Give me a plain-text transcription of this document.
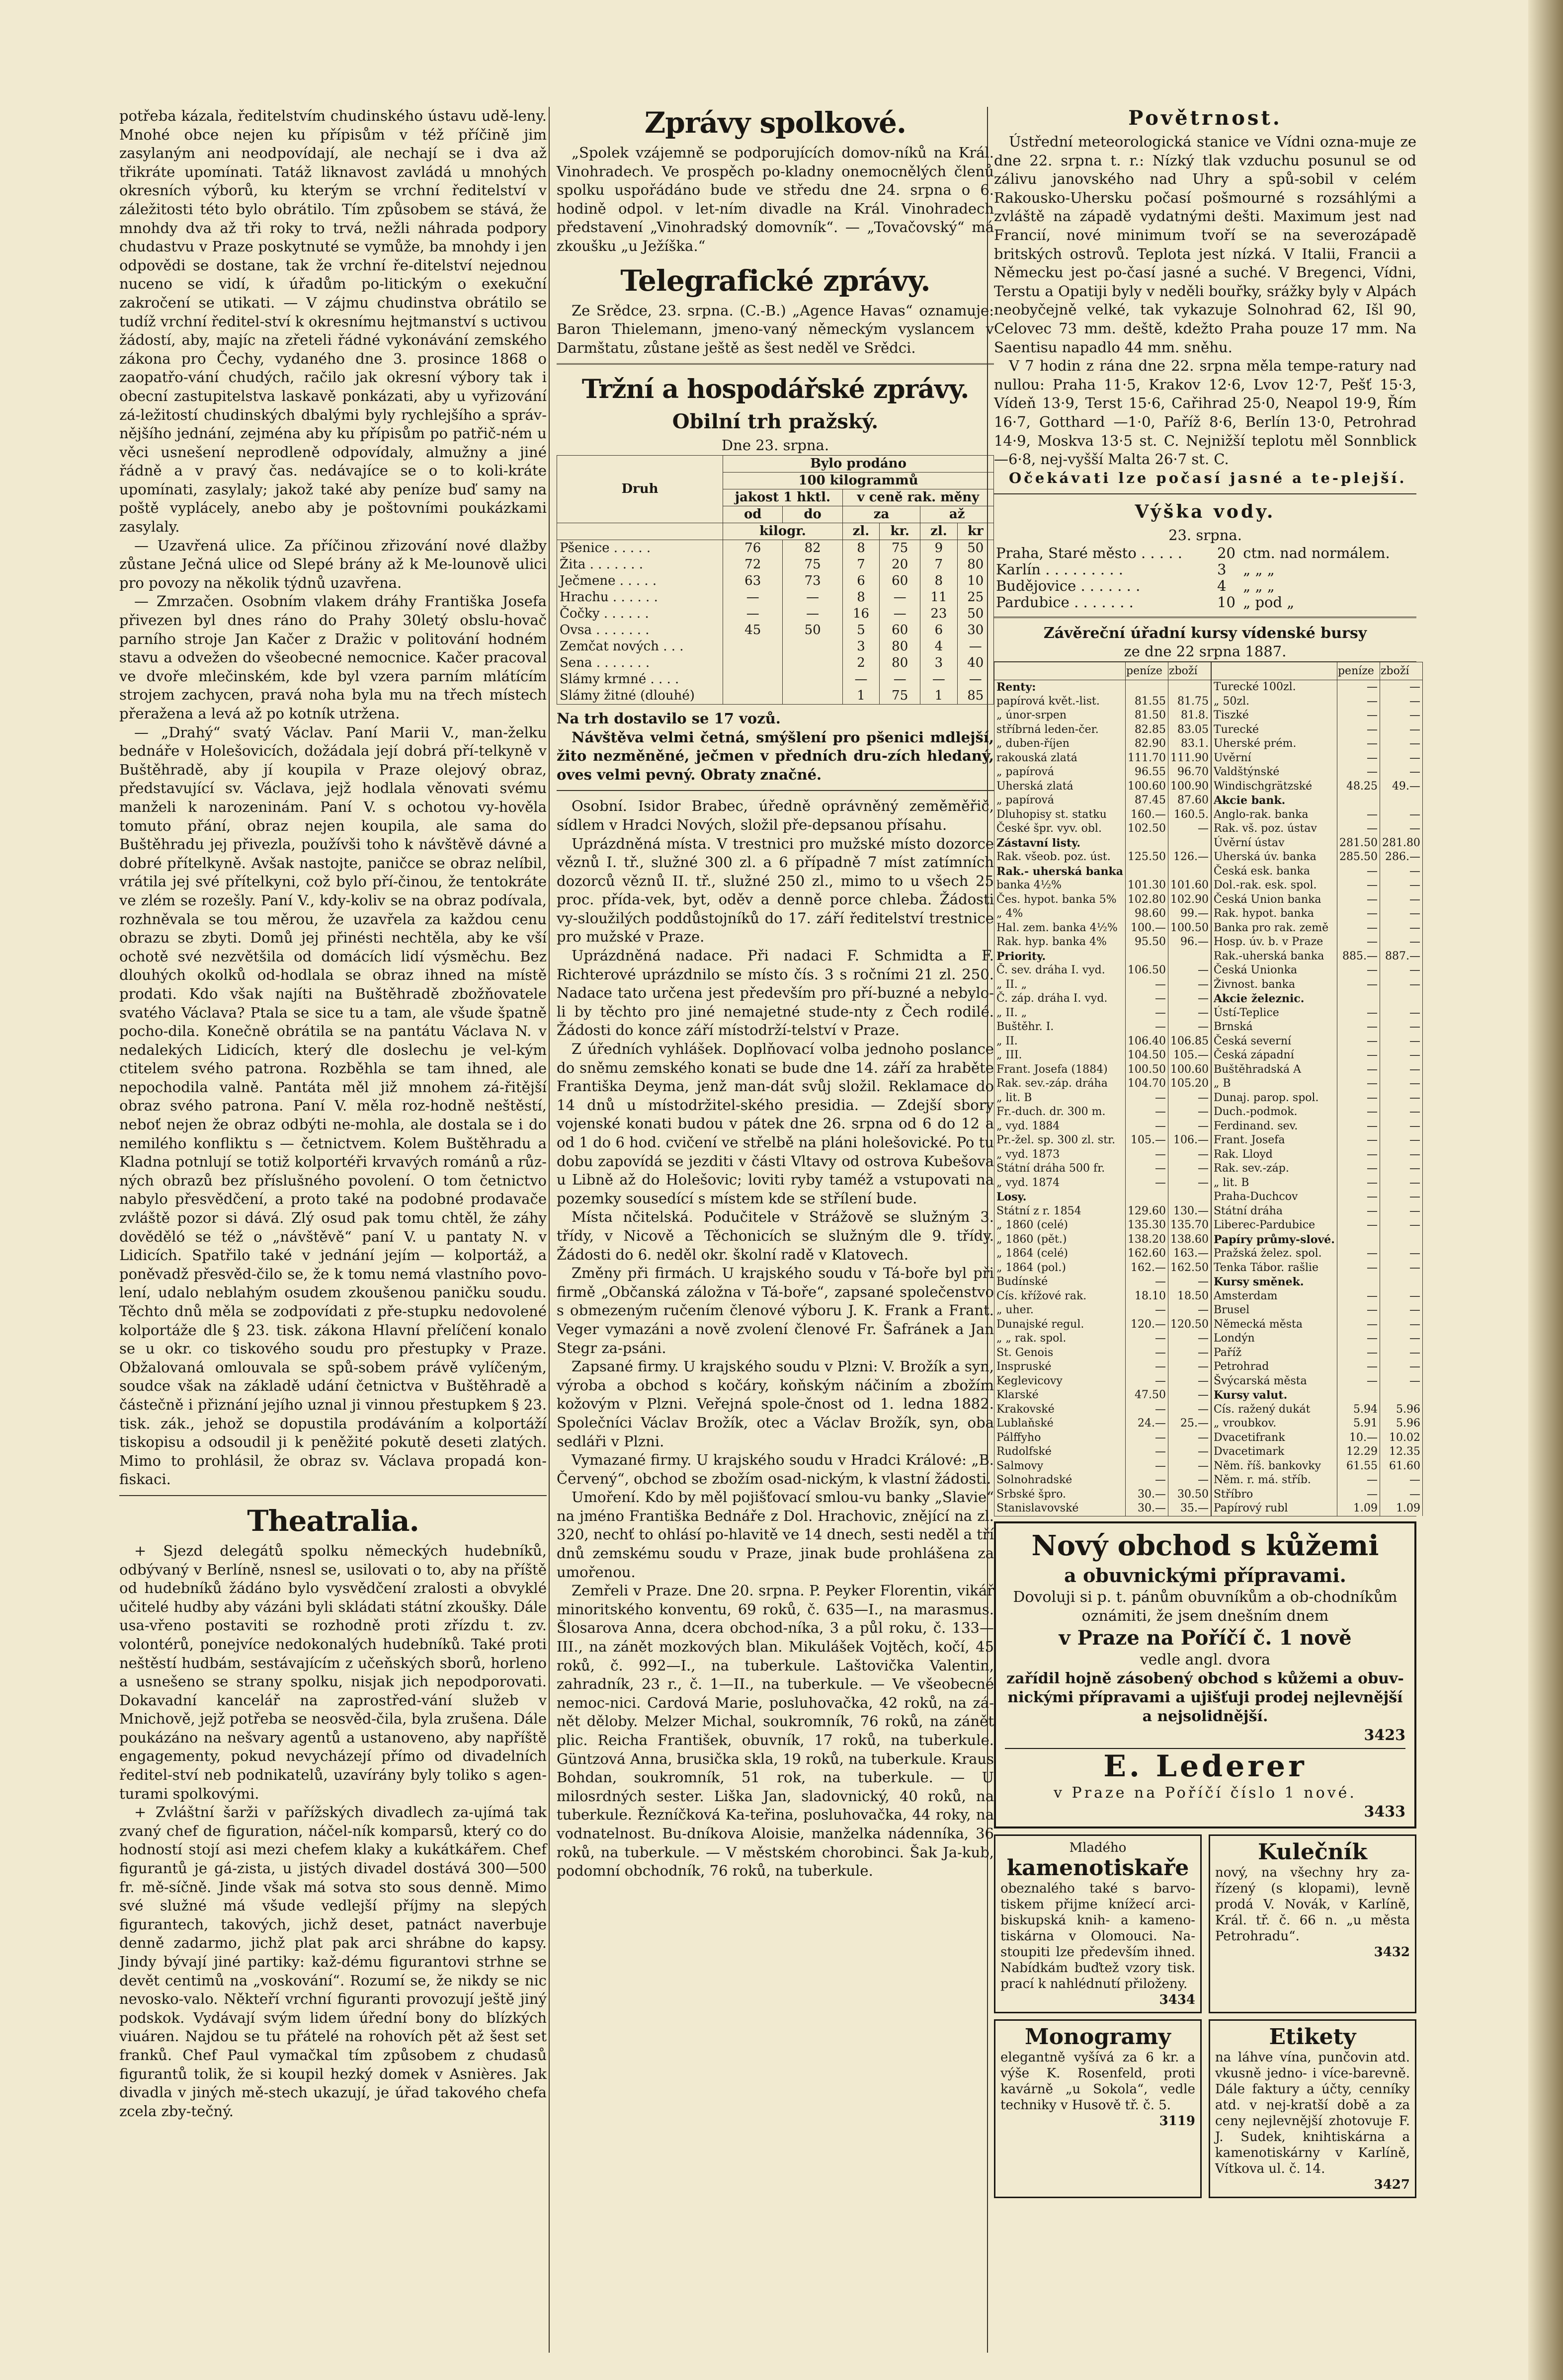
potřeba kázala, ředitelstvím chudinského ústavu udě-leny. Mnohé obce nejen ku přípisům v též příčině jim zasylaným ani neodpovídají, ale nechají se i dva až třikráte upomínati. Tatáž liknavost zavládá u mnohých okresních výborů, ku kterým se vrchní ředitelství v záležitosti této bylo obrátilo. Tím způsobem se stává, že mnohdy dva až tři roky to trvá, nežli náhrada podpory chudastvu v Praze poskytnuté se vymůže, ba mnohdy i jen odpovědi se dostane, tak že vrchní ře-ditelství nejednou nuceno se vidí, k úřadům po-litickým o exekuční zakročení se utikati. — V zájmu chudinstva obrátilo se tudíž vrchní ředitel-ství k okresnímu hejtmanství s uctivou žádostí, aby, majíc na zřeteli řádné vykonávání zemského zákona pro Čechy, vydaného dne 3. prosince 1868 o zaopatřo-vání chudých, račilo jak okresní výbory tak i obecní zastupitelstva laskavě ponkázati, aby u vyřizování zá-ležitostí chudinských dbalými byly rychlejšího a správ-nějšího jednání, zejména aby ku přípisům po patřič-ném u věci usnešení neprodleně odpovídaly, almužny a jiné řádně a v pravý čas. nedávajíce se o to koli-kráte upomínati, zasylaly; jakož také aby peníze buď samy na poště vyplácely, anebo aby je poštovními poukázkami zasylaly.

— Uzavřená ulice. Za příčinou zřizování nové dlažby zůstane Ječná ulice od Slepé brány až k Me-lounově ulici pro povozy na několik týdnů uzavřena.

— Zmrzačen. Osobním vlakem dráhy Františka Josefa přivezen byl dnes ráno do Prahy 30letý obslu-hovač parního stroje Jan Kačer z Dražic v politování hodném stavu a odvežen do všeobecné nemocnice. Kačer pracoval ve dvoře mlečinském, kde byl vzera parním mlátícím strojem zachycen, pravá noha byla mu na třech místech přeražena a levá až po kotník utržena.

— „Drahý“ svatý Václav. Paní Marii V., man-želku bednáře v Holešovicích, dožádala její dobrá pří-telkyně v Buštěhradě, aby jí koupila v Praze olejový obraz, představující sv. Václava, jejž hodlala věnovati svému manželi k narozeninám. Paní V. s ochotou vy-hověla tomuto přání, obraz nejen koupila, ale sama do Buštěhradu jej přivezla, používši toho k návštěvě dávné a dobré přítelkyně. Avšak nastojte, paničce se obraz nelíbil, vrátila jej své přítelkyni, což bylo pří-činou, že tentokráte ve zlém se rozešly. Paní V., kdy-koliv se na obraz podívala, rozhněvala se tou měrou, že uzavřela za každou cenu obrazu se zbyti. Domů jej přinésti nechtěla, aby ke vší ochotě své nezvětšila od domácích lidí výsměchu. Bez dlouhých okolků od-hodlala se obraz ihned na místě prodati. Kdo však najíti na Buštěhradě zbožňovatele svatého Václava? Ptala se sice tu a tam, ale všude špatně pocho-dila. Konečně obrátila se na pantátu Václava N. v nedalekých Lidicích, který dle doslechu je vel-kým ctitelem svého patrona. Rozběhla se tam ihned, ale nepochodila valně. Pantáta měl již mnohem zá-řitější obraz svého patrona. Paní V. měla roz-hodně neštěstí, neboť nejen že obraz odbýti ne-mohla, ale dostala se i do nemilého konfliktu s — četnictvem. Kolem Buštěhradu a Kladna potnlují se totiž kolportéři krvavých románů a růz-ných obrazů bez příslušného povolení. O tom četnictvo nabylo přesvědčení, a proto také na podobné prodavače zvláště pozor si dává. Zlý osud pak tomu chtěl, že záhy dověděló se též o „návštěvě“ paní V. u pantaty N. v Lidicích. Spatřilo také v jednání jejím — kolportáž, a poněvadž přesvěd-čilo se, že k tomu nemá vlastního povo-lení, udalo neblahým osudem zkoušenou paničku soudu. Těchto dnů měla se zodpovídati z pře-stupku nedovolené kolportáže dle § 23. tisk. zákona Hlavní přelíčení konalo se u okr. co tiskového soudu pro přestupky v Praze. Obžalovaná omlouvala se spů-sobem právě vylíčeným, soudce však na základě udání četnictva v Buštěhradě a částečně i přiznání jejího uznal ji vinnou přestupkem § 23. tisk. zák., jehož se dopustila prodáváním a kolportáží tiskopisu a odsoudil ji k peněžité pokutě deseti zlatých. Mimo to prohlásil, že obraz sv. Václava propadá kon-fiskaci.

Theatralia.

+ Sjezd delegátů spolku německých hudebníků, odbývaný v Berlíně, nsnesl se, usilovati o to, aby na příště od hudebníků žádáno bylo vysvědčení zralosti a obvyklé učitelé hudby aby vázáni byli skládati státní zkoušky. Dále usa-vřeno postaviti se rozhodně proti zřízdu t. zv. volontérů, ponejvíce nedokonalých hudebníků. Také proti neštěstí hudbám, sestávajícím z učeňských sborů, horleno a usnešeno se strany spolku, nisjak jich nepodporovati. Dokavadní kancelář na zaprostřed-vání služeb v Mnichově, jejž potřeba se neosvěd-čila, byla zrušena. Dále poukázáno na nešvary agentů a ustanoveno, aby napříště engagementy, pokud nevycházejí přímo od divadelních ředitel-ství neb podnikatelů, uzavírány byly toliko s agen-turami spolkovými.

+ Zvláštní šarži v pařížských divadlech za-ujímá tak zvaný chef de figuration, náčel-ník komparsů, který co do hodností stojí asi mezi chefem klaky a kukátkářem. Chef figurantů je gá-zista, u jistých divadel dostává 300—500 fr. mě-síčně. Jinde však má sotva sto sous denně. Mimo své služné má všude vedlejší příjmy na slepých figurantech, takových, jichž deset, patnáct naverbuje denně zadarmo, jichž plat pak arci shrábne do kapsy. Jindy bývají jiné partiky: kaž-dému figurantovi strhne se devět centimů na „voskování“. Rozumí se, že nikdy se nic nevosko-valo. Někteří vrchní figuranti provozují ještě jiný podskok. Vydávají svým lidem úřední bony do blízkých viuáren. Najdou se tu přátelé na rohovích pět až šest set franků. Chef Paul vymačkal tím způsobem z chudasů figurantů tolik, že si koupil hezký domek v Asnières. Jak divadla v jiných mě-stech ukazují, je úřad takového chefa zcela zby-tečný.

Zprávy spolkové.

„Spolek vzájemně se podporujících domov-níků na Král. Vinohradech. Ve prospěch po-kladny onemocnělých členů spolku uspořádáno bude ve středu dne 24. srpna o 6. hodině odpol. v let-ním divadle na Král. Vinohradech představení „Vinohradský domovník“. — „Tovačovský“ má zkoušku „u Ježíška.“

Telegrafické zprávy.

Ze Srědce, 23. srpna. (C.-B.) „Agence Havas“ oznamuje: Baron Thielemann, jmeno-vaný německým vyslancem v Darmštatu, zůstane ještě as šest neděl ve Srědci.

Tržní a hospodářské zprávy.
Obilní trh pražský.

Dne 23. srpna.

Druh	Bylo prodáno					
	100 kilogrammů					
	jakost 1 hktl.		v ceně rak. měny			
	od	do	za		až	
	kilogr.		zl.	kr.	zl.	kr
Pšenice . . . . .	76	82	8	75	9	50
Žita . . . . . . .	72	75	7	20	7	80
Ječmene . . . . .	63	73	6	60	8	10
Hrachu . . . . . .	—	—	8	—	11	25
Čočky . . . . . .	—	—	16	—	23	50
Ovsa . . . . . . .	45	50	5	60	6	30

Zemčat nových . . .			3	80	4	—
Sena . . . . . . .			2	80	3	40
Slámy krmné . . . .			—	—	—	—
Slámy žitné (dlouhé)			1	75	1	85

Na trh dostavilo se 17 vozů.

Návštěva velmi četná, smýšlení pro pšenici mdlejší, žito nezměněné, ječmen v předních dru-zích hledaný, oves velmi pevný. Obraty značné.

Osobní. Isidor Brabec, úředně oprávněný zeměměřič, sídlem v Hradci Nových, složil pře-depsanou přísahu.

Uprázdněná místa. V trestnici pro mužské místo dozorce věznů I. tř., služné 300 zl. a 6 případně 7 míst zatímních dozorců věznů II. tř., služné 250 zl., mimo to u všech 25 proc. přída-vek, byt, oděv a denně porce chleba. Žádosti vy-sloužilých poddůstojníků do 17. září ředitelství trestnice pro mužské v Praze.

Uprázdněná nadace. Při nadaci F. Schmidta a F. Richterové uprázdnilo se místo čís. 3 s ročními 21 zl. 250. Nadace tato určena jest především pro pří-buzné a nebylo-li by těchto pro jiné nemajetné stude-nty z Čech rodilé. Žádosti do konce září místodrží-telství v Praze.

Z úředních vyhlášek. Doplňovací volba jednoho poslance do sněmu zemského konati se bude dne 14. září za hraběte Františka Deyma, jenž man-dát svůj složil. Reklamace do 14 dnů u místodržitel-ského presidia. — Zdejší sbory vojenské konati budou v pátek dne 26. srpna od 6 do 12 a od 1 do 6 hod. cvičení ve střelbě na pláni holešovické. Po tu dobu zapovídá se jezditi v části Vltavy od ostrova Kubešova u Libně až do Holešovic; loviti ryby taméž a vstupovati na pozemky sousedící s místem kde se střílení bude.

Místa nčitelská. Podučitele v Strážově se služným 3. třídy, v Nicově a Těchonicích se služným dle 9. třídy. Žádosti do 6. neděl okr. školní radě v Klatovech.

Změny při firmách. U krajského soudu v Tá-boře byl při firmě „Občanská záložna v Tá-boře“, zapsané společenstvo s obmezeným ručením členové výboru J. K. Frank a Frant. Veger vymazáni a nově zvolení členové Fr. Šafránek a Jan Stegr za-psáni.

Zapsané firmy. U krajského soudu v Plzni: V. Brožík a syn, výroba a obchod s kočáry, koňským náčiním a zbožím kožovým v Plzni. Veřejná spole-čnost od 1. ledna 1882. Společníci Václav Brožík, otec a Václav Brožík, syn, oba sedláři v Plzni.

Vymazané firmy. U krajského soudu v Hradci Králové: „B. Červený“, obchod se zbožím osad-nickým, k vlastní žádosti.

Umoření. Kdo by měl pojišťovací smlou-vu banky „Slavie“ na jméno Františka Bednáře z Dol. Hrachovic, znějící na zl. 320, nechť to ohlásí po-hlavitě ve 14 dnech, sesti neděl a tří dnů zemskému soudu v Praze, jinak bude prohlášena za umořenou.

Zemřeli v Praze. Dne 20. srpna. P. Peyker Florentin, vikář minoritského konventu, 69 roků, č. 635—I., na marasmus. Šlosarova Anna, dcera obchod-níka, 3 a půl roku, č. 133—III., na zánět mozkových blan. Mikulášek Vojtěch, kočí, 45 roků, č. 992—I., na tuberkule. Laštovička Valentin, zahradník, 23 r., č. 1—II., na tuberkule. — Ve všeobecné nemoc-nici. Cardová Marie, posluhovačka, 42 roků, na zá-nět děloby. Melzer Michal, soukromník, 76 roků, na zánět plic. Reicha František, obuvník, 17 roků, na tuberkule. Güntzová Anna, brusička skla, 19 roků, na tuberkule. Kraus Bohdan, soukromník, 51 rok, na tuberkule. — U milosrdných sester. Liška Jan, sladovnický, 40 roků, na tuberkule. Řezníčková Ka-teřina, posluhovačka, 44 roky, na vodnatelnost. Bu-dníkova Aloisie, manželka nádenníka, 36 roků, na tuberkule. — V městském chorobinci. Šak Ja-kub, podomní obchodník, 76 roků, na tuberkule.

Povětrnost.

Ústřední meteorologická stanice ve Vídni ozna-muje ze dne 22. srpna t. r.: Nízký tlak vzduchu posunul se od zálivu janovského nad Uhry a spů-sobil v celém Rakousko-Uhersku počasí pošmourné s rozsáhlými a zvláště na západě vydatnými dešti. Maximum jest nad Francií, nové minimum tvoří se na severozápadě britských ostrovů. Teplota jest nízká. V Italii, Francii a Německu jest po-časí jasné a suché. V Bregenci, Vídni, Terstu a Opatiji byly v neděli bouřky, srážky byly v Alpách neobyčejně velké, tak vykazuje Solnohrad 62, Išl 90, Celovec 73 mm. deště, kdežto Praha pouze 17 mm. Na Saentisu napadlo 44 mm. sněhu.

V 7 hodin z rána dne 22. srpna měla tempe-ratury nad nullou: Praha 11·5, Krakov 12·6, Lvov 12·7, Pešť 15·3, Vídeň 13·9, Terst 15·6, Cařihrad 25·0, Neapol 19·9, Řím 16·7, Gotthard —1·0, Paříž 8·6, Berlín 13·0, Petrohrad 14·9, Moskva 13·5 st. C. Nejnižší teplotu měl Sonnblick —6·8, nej-vyšší Malta 26·7 st. C.

Očekávati lze počasí jasné a te-plejší.

Výška vody.

23. srpna.

Praha, Staré město . . . . .	20	ctm. nad normálem.
Karlín . . . . . . . . .	3	„ „ „
Budějovice . . . . . . .	4	„ „ „
Pardubice . . . . . . .	10	„ pod „

Závěreční úřadní kursy vídenské bursy

ze dne 22 srpna 1887.

	peníze	zboží
Renty:		
papírová květ.-list.	81.55	81.75
„ únor-srpen	81.50	81.8.
stříbrná leden-čer.	82.85	83.05
„ duben-říjen	82.90	83.1.
rakouská zlatá	111.70	111.90
„ papírová	96.55	96.70
Uherská zlatá	100.60	100.90
„ papírová	87.45	87.60
Dluhopisy st. statku	160.—	160.5.

České špr. vyv. obl.	102.50	—
Zástavní listy.		
Rak. všeob. poz. úst.	125.50	126.—
Rak.- uherská banka		
banka 4½%	101.30	101.60
Čes. hypot. banka 5%	102.80	102.90
„ 4%	98.60	99.—
Hal. zem. banka 4½%	100.—	100.50
Rak. hyp. banka 4%	95.50	96.—
Priority.		
Č. sev. dráha I. vyd.	106.50	—
„ II. „	—	—
Č. záp. dráha I. vyd.	—	—
„ II. „	—	—
Buštěhr. I.	—	—
„ II.	106.40	106.85
„ III.	104.50	105.—
Frant. Josefa (1884)	100.50	100.60
Rak. sev.-záp. dráha	104.70	105.20
„ lit. B	—	—
Fr.-duch. dr. 300 m.	—	—
„ vyd. 1884	—	—
Pr.-žel. sp. 300 zl. str.	105.—	106.—
„ vyd. 1873	—	—
Státní dráha 500 fr.	—	—
„ vyd. 1874	—	—
Losy.		
Státní z r. 1854	129.60	130.—
„ 1860 (celé)	135.30	135.70
„ 1860 (pět.)	138.20	138.60
„ 1864 (celé)	162.60	163.—
„ 1864 (pol.)	162.—	162.50
Budínské	—	—
Cís. křížové rak.	18.10	18.50
„ uher.	—	—
Dunajské regul.	120.—	120.50
„ „ rak. spol.	—	—
St. Genois	—	—
Inspruské	—	—
Keglevicovy	—	—
Klarské	47.50	—
Krakovské	—	—
Lublaňské	24.—	25.—
Pálffyho	—	—
Rudolfské	—	—
Salmovy	—	—
Solnohradské	—	—
Srbské špro.	30.—	30.50
Stanislavovské	30.—	35.—
	peníze	zboží
Turecké 100zl.	—	—
„ 50zl.	—	—
Tiszké	—	—
Turecké	—	—
Uherské prém.	—	—
Uvěrní	—	—
Valdštýnské	—	—
Windischgrätzské	48.25	49.—
Akcie bank.		
Anglo-rak. banka	—	—
Rak. vš. poz. ústav	—	—
Úvěrní ústav	281.50	281.80
Uherská úv. banka	285.50	286.—
Česká esk. banka	—	—
Dol.-rak. esk. spol.	—	—
Česká Union banka	—	—
Rak. hypot. banka	—	—
Banka pro rak. země	—	—
Hosp. úv. b. v Praze	—	—
Rak.-uherská banka	885.—	887.—
Česká Unionka	—	—
Živnost. banka	—	—
Akcie železnic.		
Ústí-Teplice	—	—
Brnská	—	—
Česká severní	—	—
Česká západní	—	—
Buštěhradská A	—	—
„ B	—	—
Dunaj. parop. spol.	—	—
Duch.-podmok.	—	—
Ferdinand. sev.	—	—
Frant. Josefa	—	—
Rak. Lloyd	—	—
Rak. sev.-záp.	—	—
„ lit. B	—	—
Praha-Duchcov	—	—
Státní dráha	—	—
Liberec-Pardubice	—	—
Papíry průmy-slové.		
Pražská želez. spol.	—	—
Tenka Tábor. rašlie	—	—
Kursy směnek.		
Amsterdam	—	—
Brusel	—	—
Německá města	—	—
Londýn	—	—
Paříž	—	—
Petrohrad	—	—
Švýcarská města	—	—
Kursy valut.		
Cís. ražený dukát	5.94	5.96
„ vroubkov.	5.91	5.96
Dvacetifrank	10.—	10.02
Dvacetimark	12.29	12.35
Něm. říš. bankovky	61.55	61.60
Něm. r. má. stříb.	—	—
Stříbro	—	—
Papírový rubl	1.09	1.09
Nový obchod s kůžemi
a obuvnickými přípravami.
Dovoluji si p. t. pánům obuvníkům a ob-chodníkům oznámiti, že jsem dnešním dnem
v Praze na Poříčí č. 1 nově
vedle angl. dvora
zařídil hojně zásobený obchod s kůžemi a obuv-nickými přípravami a ujišťuji prodej nejlevnější a nejsolidnější.
3423
E. Lederer
v Praze na Poříčí číslo 1 nové.
3433
Mladého
kamenotiskaře
obeznalého také s barvo-tiskem přijme knížecí arci-biskupská knih- a kameno-tiskárna v Olomouci. Na-stoupiti lze především ihned. Nabídkám buďtež vzory tisk. prací k nahlédnutí přiloženy.
3434
Kulečník
nový, na všechny hry za-řízený (s klopami), levně prodá V. Novák, v Karlíně, Král. tř. č. 66 n. „u města Petrohradu“.
3432
Monogramy
elegantně vyšívá za 6 kr. a výše K. Rosenfeld, proti kavárně „u Sokola“, vedle techniky v Husově tř. č. 5.
3119
Etikety
na láhve vína, punčovin atd. vkusně jedno- i více-barevně. Dále faktury a účty, cenníky atd. v nej-kratší době a za ceny nejlevnější zhotovuje F. J. Sudek, knihtiskárna a kamenotiskárny v Karlíně, Vítkova ul. č. 14.
3427
